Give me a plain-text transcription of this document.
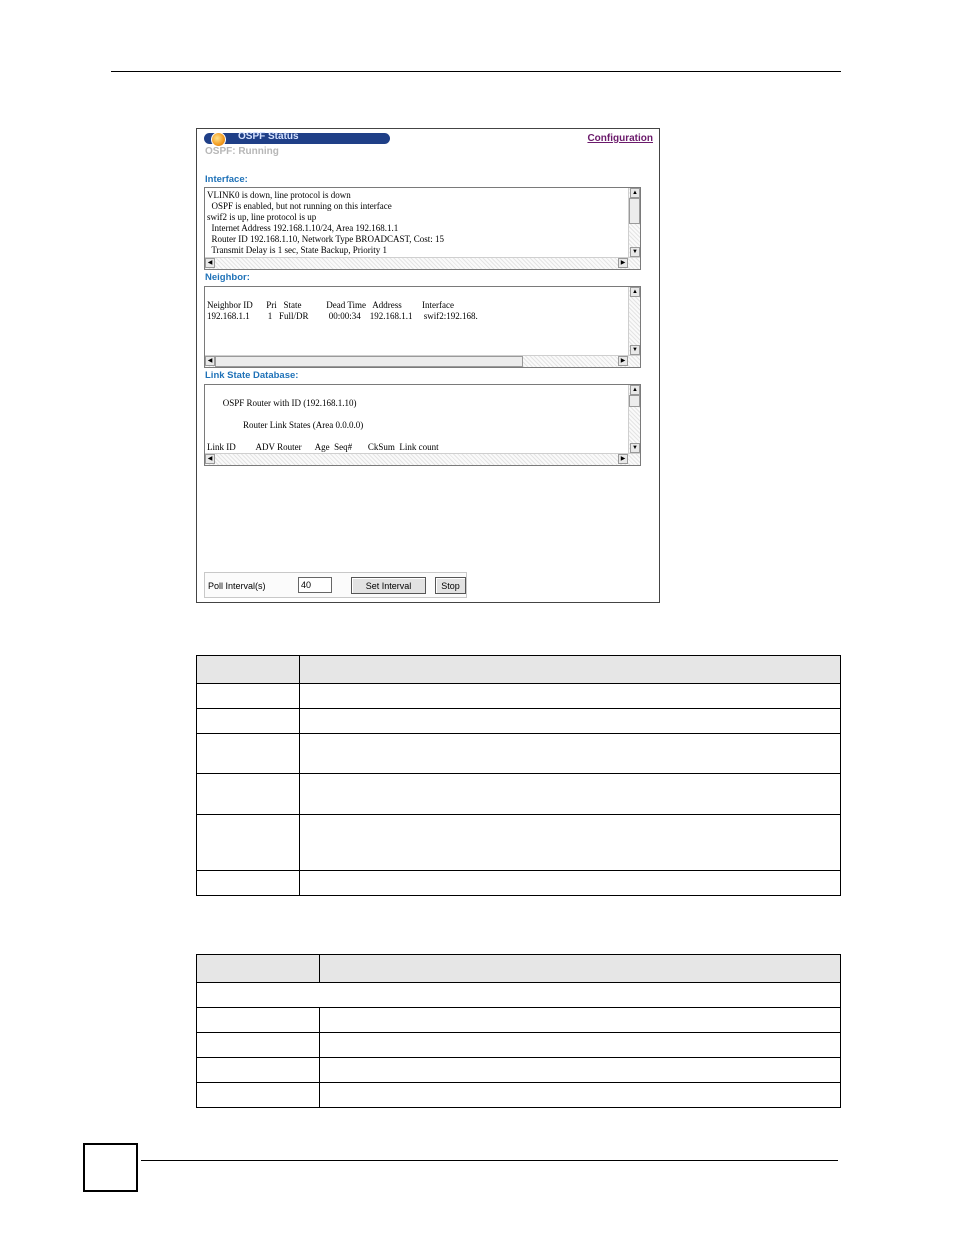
OSPF Status	Configuration
OSPF: Running
Interface:
VLINK0 is down, line protocol is down
OSPF is enabled, but not running on this interface
swif2 is up, line protocol is up
Internet Address 192.168.1.10/24, Area 192.168.1.1
Router ID 192.168.1.10, Network Type BROADCAST, Cost: 15
Transmit Delay is 1 sec, State Backup, Priority 1
▲
▼
◀	▶
Neighbor:

Neighbor ID      Pri   State           Dead Time   Address         Interface
192.168.1.1        1   Full/DR         00:00:34    192.168.1.1     swif2:192.168.
▲
▼
◀	▶
Link State Database:

OSPF Router with ID (192.168.1.10)

Router Link States (Area 0.0.0.0)

Link ID         ADV Router      Age  Seq#       CkSum  Link count
▲
▼
◀	▶
Poll Interval(s)
40	Set Interval	Stop
